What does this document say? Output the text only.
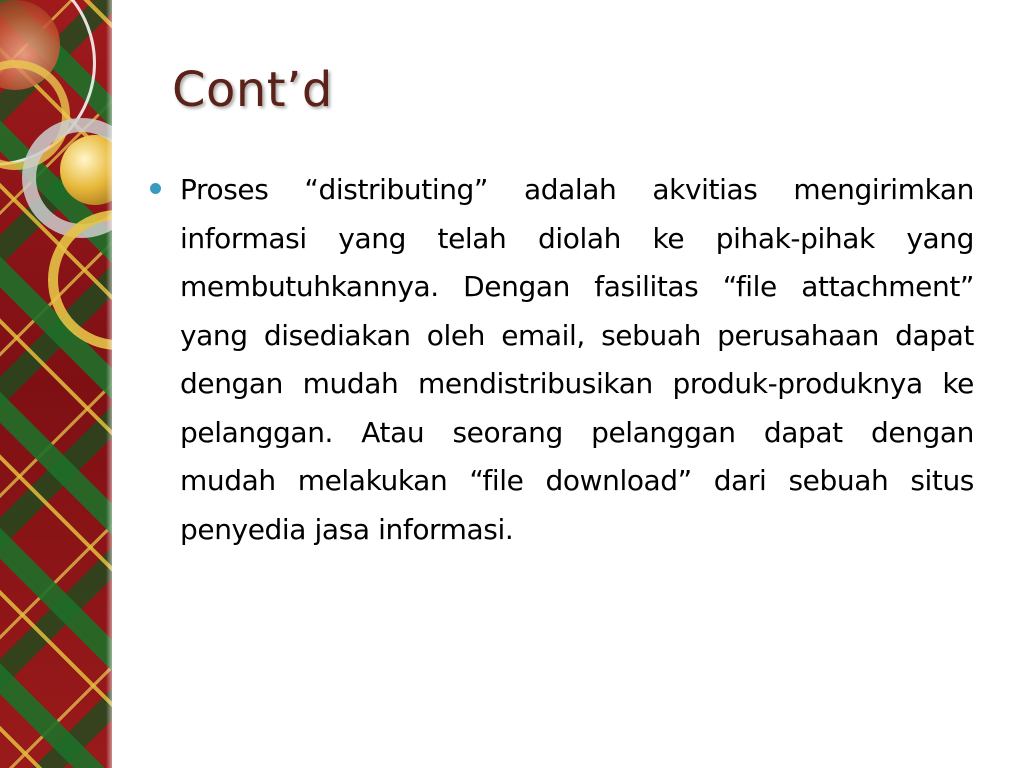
Cont’d
Proses “distributing” adalah akvitias mengirimkan informasi yang telah diolah ke pihak-pihak yang membutuhkannya. Dengan fasilitas “file attachment” yang disediakan oleh email, sebuah perusahaan dapat dengan mudah mendistribusikan produk-produknya ke pelanggan. Atau seorang pelanggan dapat dengan mudah melakukan “file download” dari sebuah situs penyedia jasa informasi.
